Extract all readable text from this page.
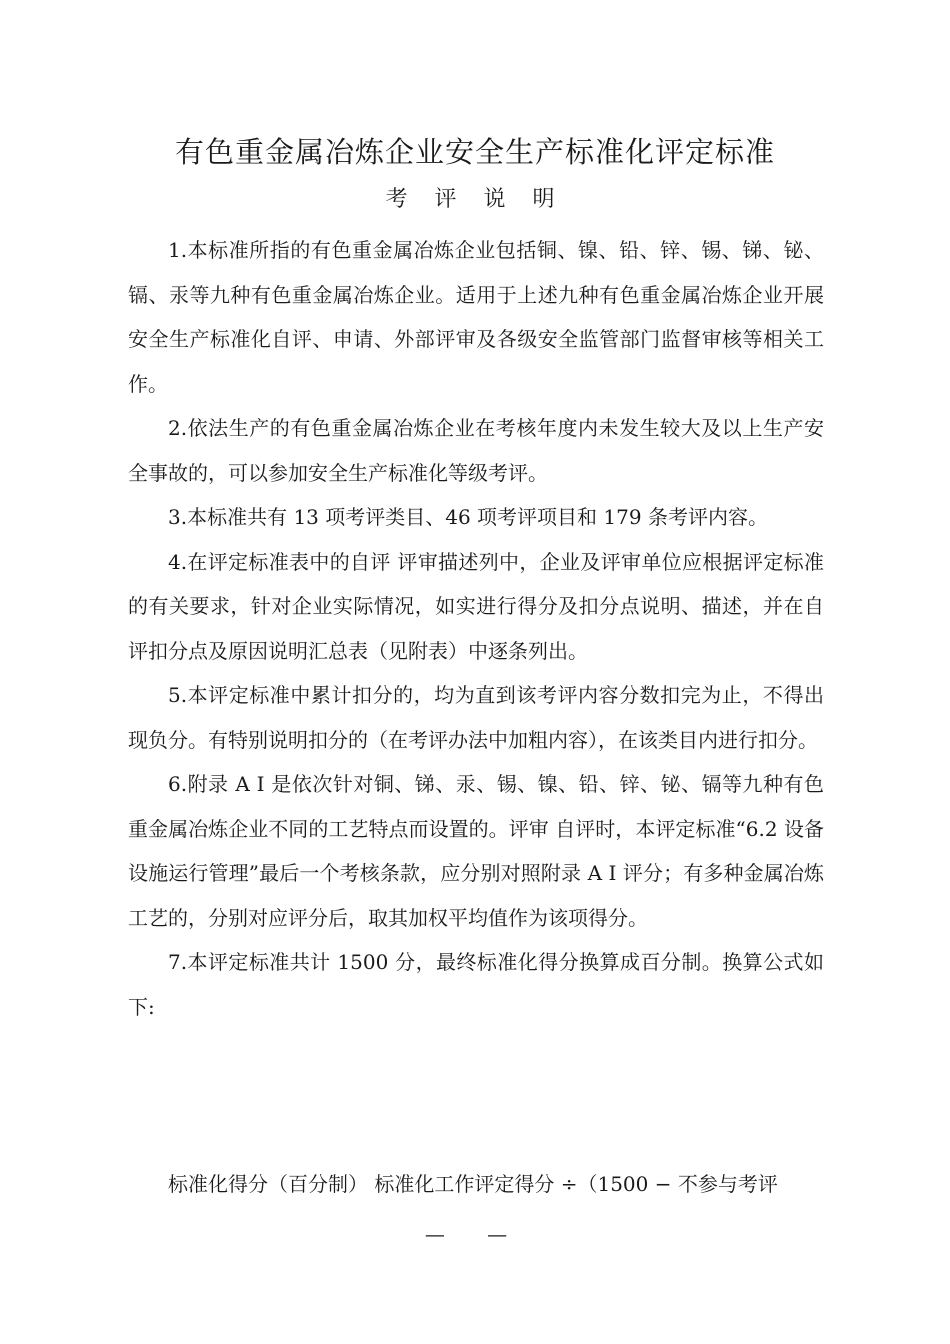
有色重金属冶炼企业安全生产标准化评定标准
考 评 说 明

1.本标准所指的有色重金属冶炼企业包括铜、镍、铅、锌、锡、锑、铋、镉、汞等九种有色重金属冶炼企业。适用于上述九种有色重金属冶炼企业开展安全生产标准化自评、申请、外部评审及各级安全监管部门监督审核等相关工作。

2.依法生产的有色重金属冶炼企业在考核年度内未发生较大及以上生产安全事故的，可以参加安全生产标准化等级考评。

3.本标准共有 13 项考评类目、46 项考评项目和 179 条考评内容。

4.在评定标准表中的自评 评审描述列中，企业及评审单位应根据评定标准的有关要求，针对企业实际情况，如实进行得分及扣分点说明、描述，并在自评扣分点及原因说明汇总表（见附表）中逐条列出。

5.本评定标准中累计扣分的，均为直到该考评内容分数扣完为止，不得出现负分。有特别说明扣分的（在考评办法中加粗内容），在该类目内进行扣分。

6.附录 A I 是依次针对铜、锑、汞、锡、镍、铅、锌、铋、镉等九种有色重金属冶炼企业不同的工艺特点而设置的。评审 自评时，本评定标准“6.2 设备设施运行管理”最后一个考核条款，应分别对照附录 A I 评分；有多种金属冶炼工艺的，分别对应评分后，取其加权平均值作为该项得分。

7.本评定标准共计 1500 分，最终标准化得分换算成百分制。换算公式如下:

标准化得分（百分制） 标准化工作评定得分 ÷（1500 − 不参与考评
— —
